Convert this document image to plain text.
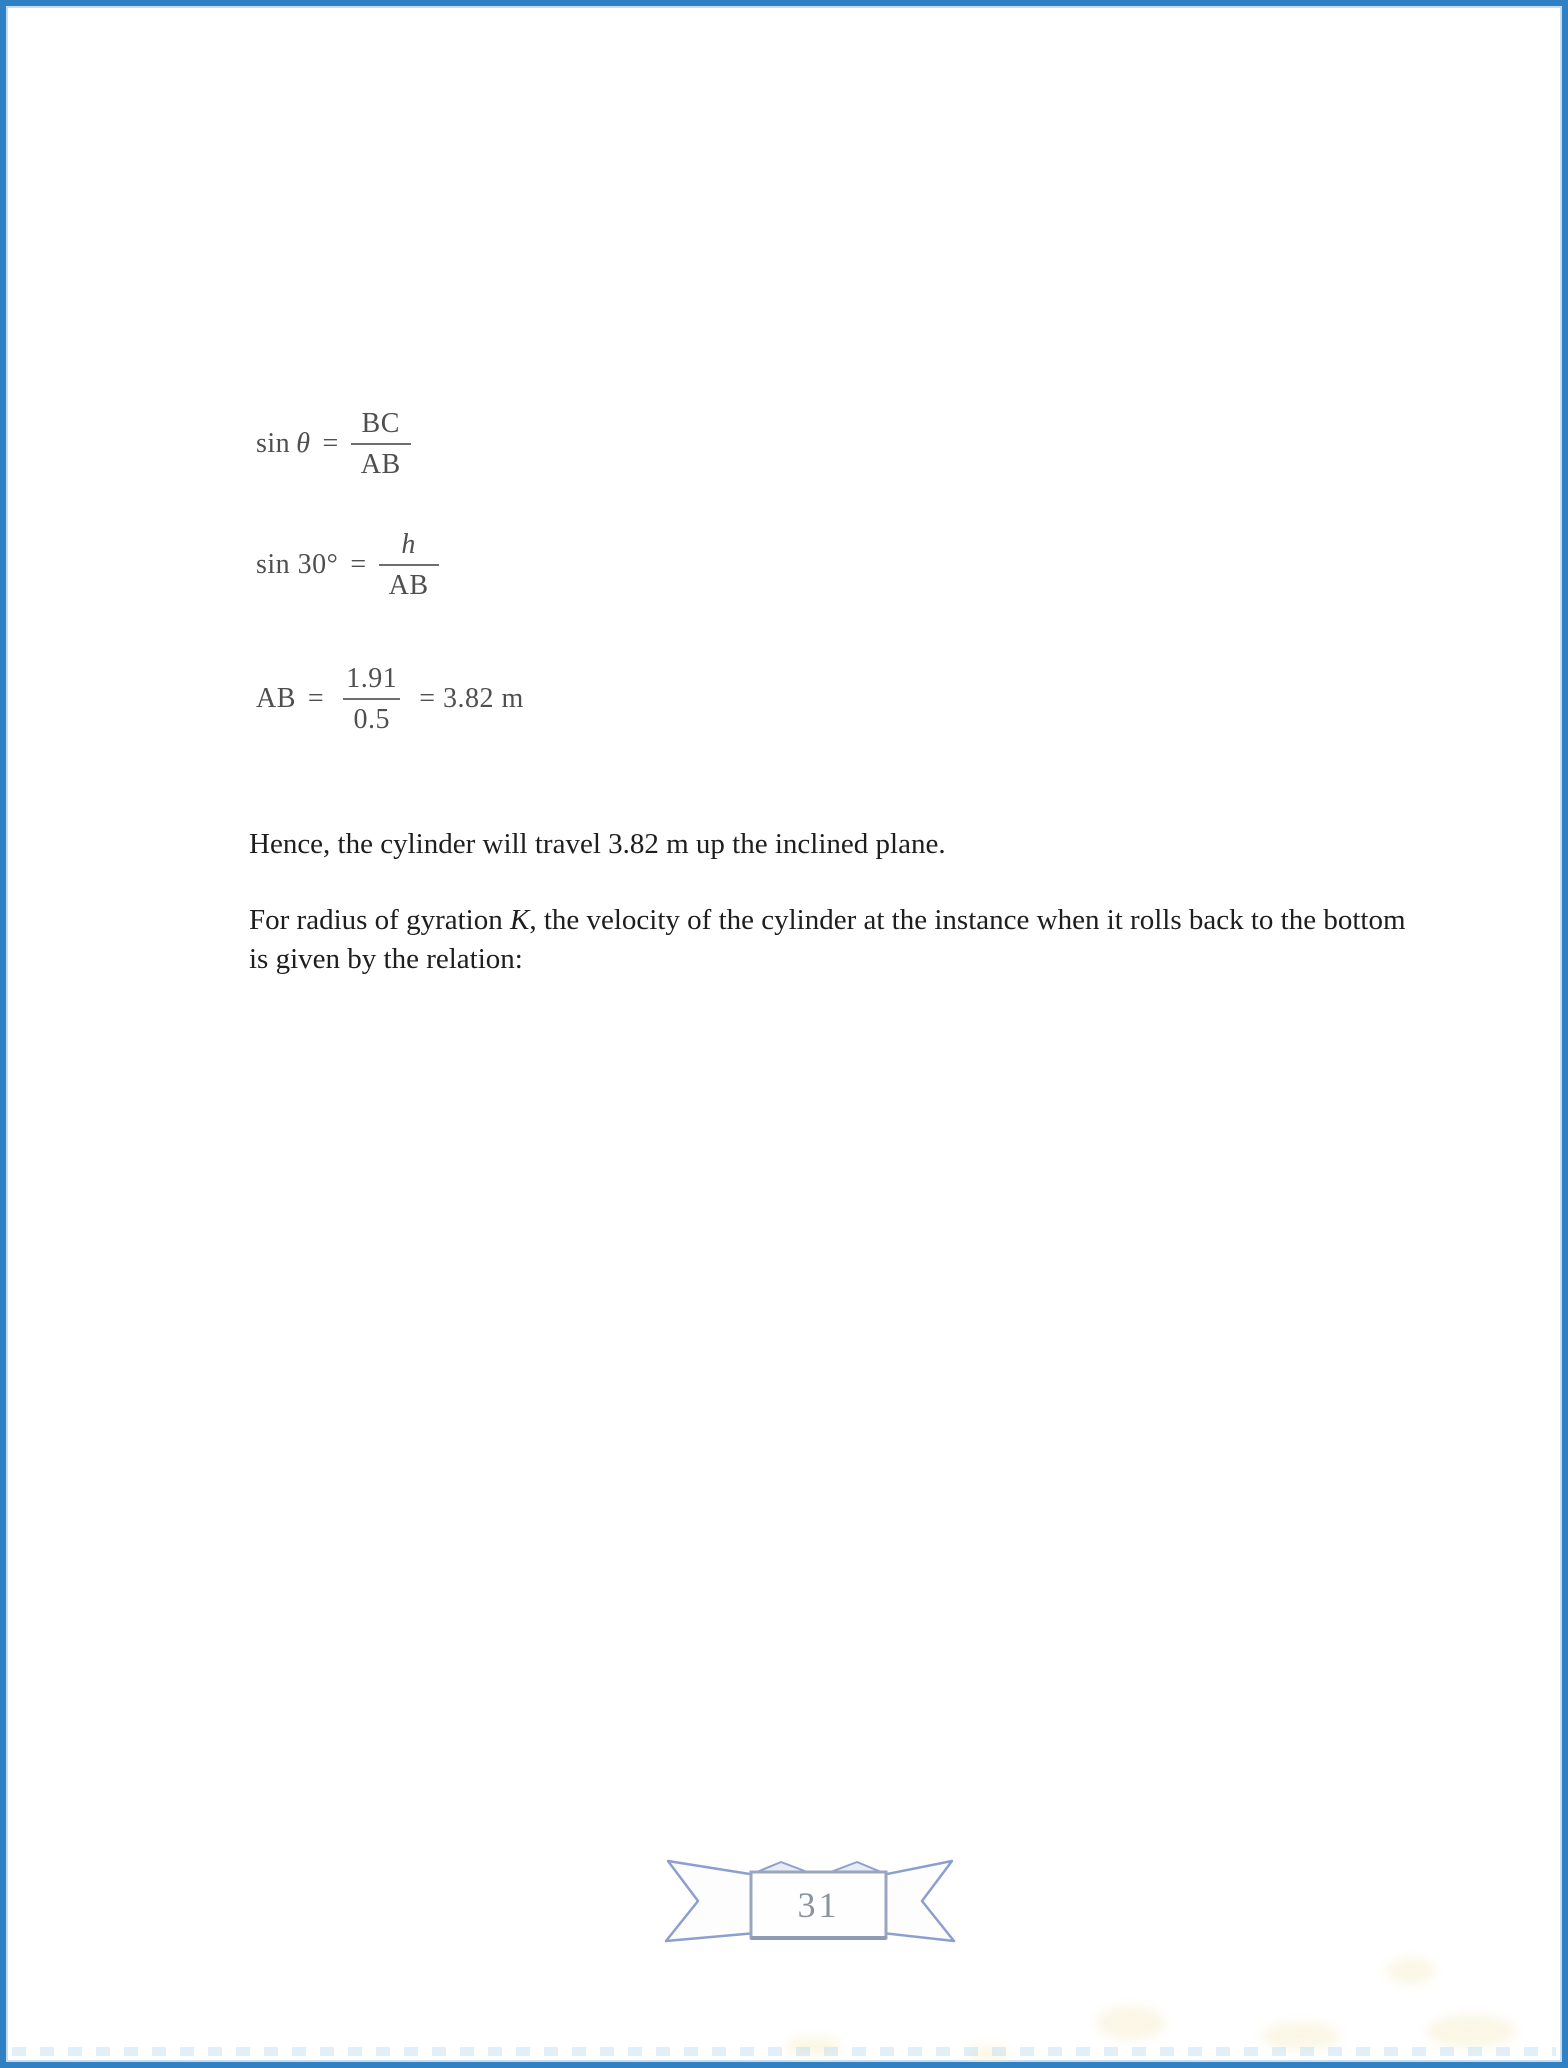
$\sin \theta = \frac{BC}{AB}$
$\sin 30^\circ = \frac{h}{AB}$
AB = $\frac{1.91}{0.5} = 3.82$ m

Hence, the cylinder will travel 3.82 m up the inclined plane.

For radius of gyration K, the velocity of the cylinder at the instance when it rolls back to the bottom is given by the relation:

31
